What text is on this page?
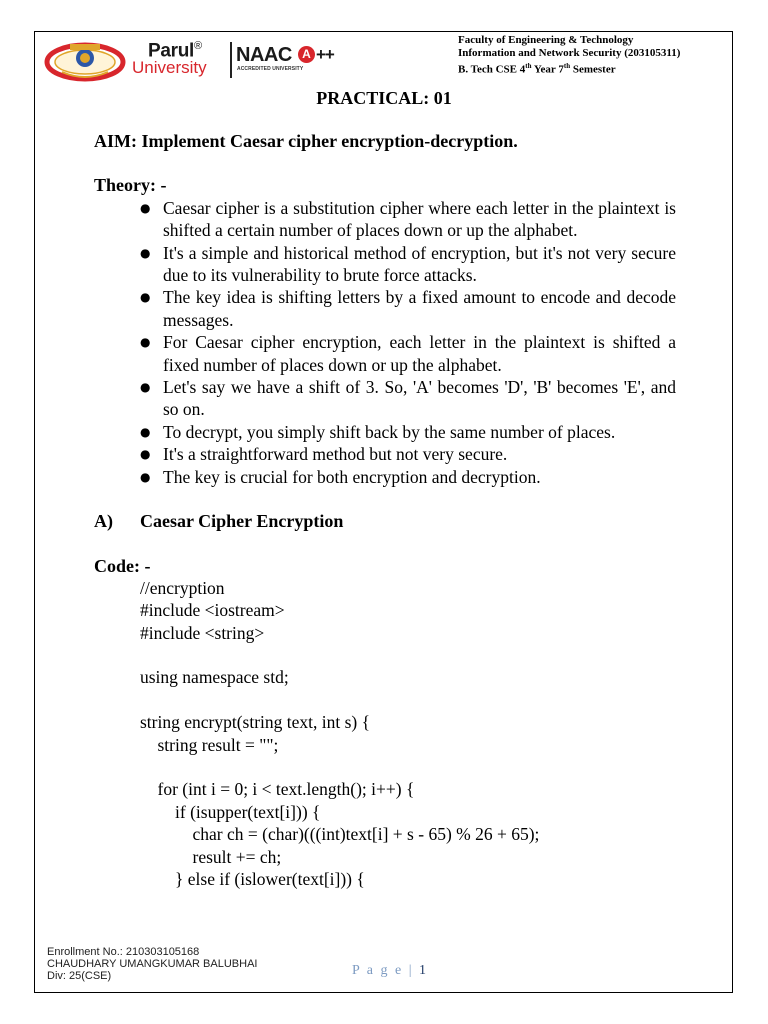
Parul®
University
NAAC
ACCREDITED UNIVERSITY
A ++
Faculty of Engineering & Technology
Information and Network Security (203105311)
B. Tech CSE 4th Year 7th Semester
PRACTICAL: 01

AIM: Implement Caesar cipher encryption-decryption.

Theory: -

● Caesar cipher is a substitution cipher where each letter in the plaintext is shifted a certain number of places down or up the alphabet.
● It's a simple and historical method of encryption, but it's not very secure due to its vulnerability to brute force attacks.
● The key idea is shifting letters by a fixed amount to encode and decode messages.
● For Caesar cipher encryption, each letter in the plaintext is shifted a fixed number of places down or up the alphabet.
● Let's say we have a shift of 3. So, 'A' becomes 'D', 'B' becomes 'E', and so on.
● To decrypt, you simply shift back by the same number of places.
● It's a straightforward method but not very secure.
● The key is crucial for both encryption and decryption.

A) Caesar Cipher Encryption

Code: -

//encryption
#include <iostream>
#include <string>
using namespace std;
string encrypt(string text, int s) {
string result = "";
for (int i = 0; i < text.length(); i++) {
if (isupper(text[i])) {
char ch = (char)(((int)text[i] + s - 65) % 26 + 65);
result += ch;
} else if (islower(text[i])) {
Enrollment No.: 210303105168
CHAUDHARY UMANGKUMAR BALUBHAI
Div: 25(CSE)	P a g e | 1
